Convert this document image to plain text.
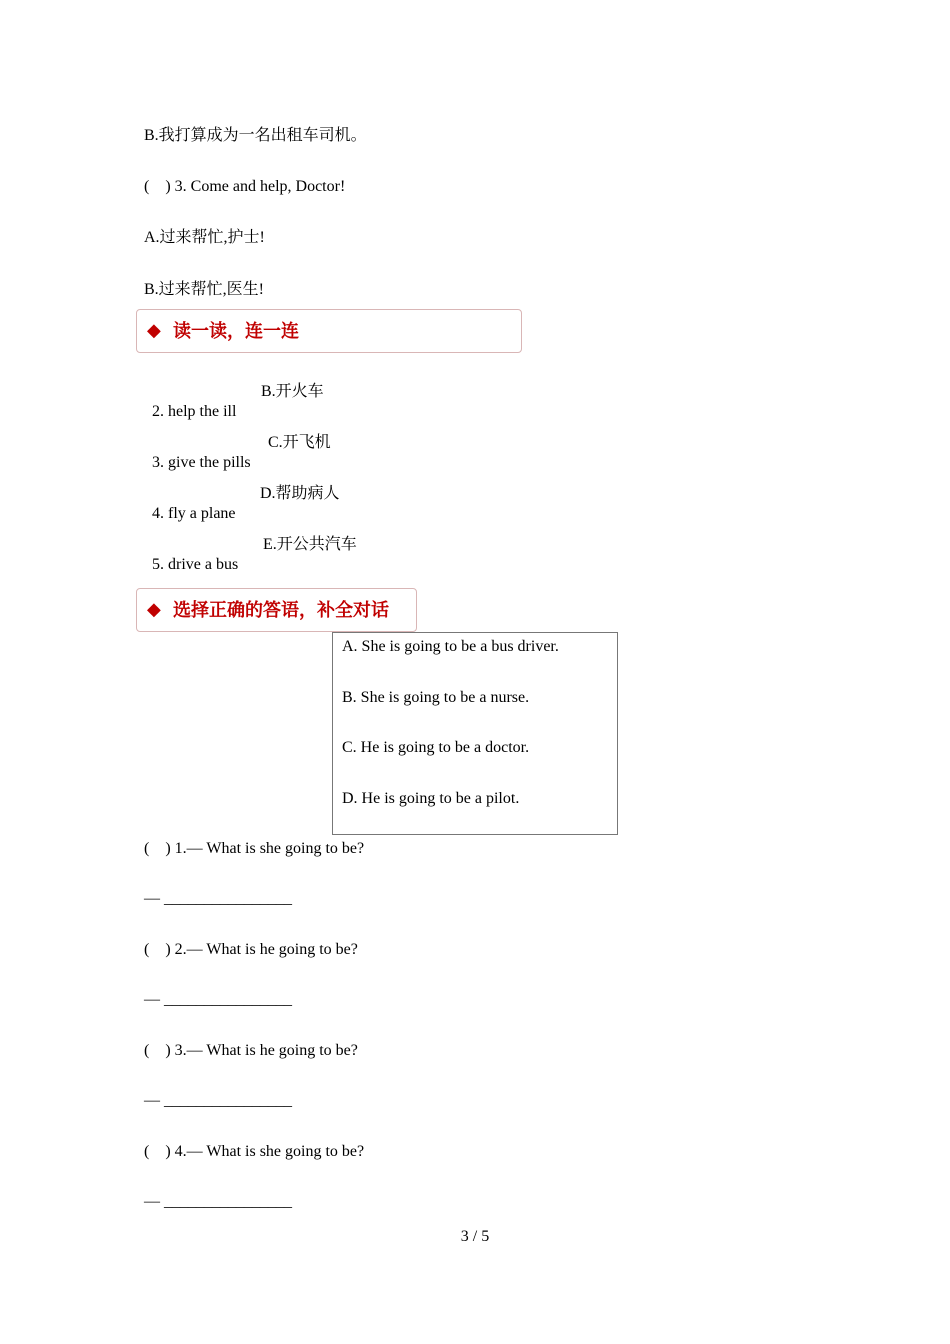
B.我打算成为一名出租车司机。
(    ) 3. Come and help, Doctor!
A.过来帮忙,护士!
B.过来帮忙,医生!
◆ 读一读，连一连

2. help the ill

B.开火车

3. give the pills

C.开飞机

4. fly a plane

D.帮助病人

5. drive a bus

E.开公共汽车

◆ 选择正确的答语，补全对话
A. She is going to be a bus driver.
B. She is going to be a nurse.
C. He is going to be a doctor.
D. He is going to be a pilot.
(    ) 1.— What is she going to be?
— ________________
(    ) 2.— What is he going to be?
— ________________
(    ) 3.— What is he going to be?
— ________________
(    ) 4.— What is she going to be?
— ________________
3 / 5
